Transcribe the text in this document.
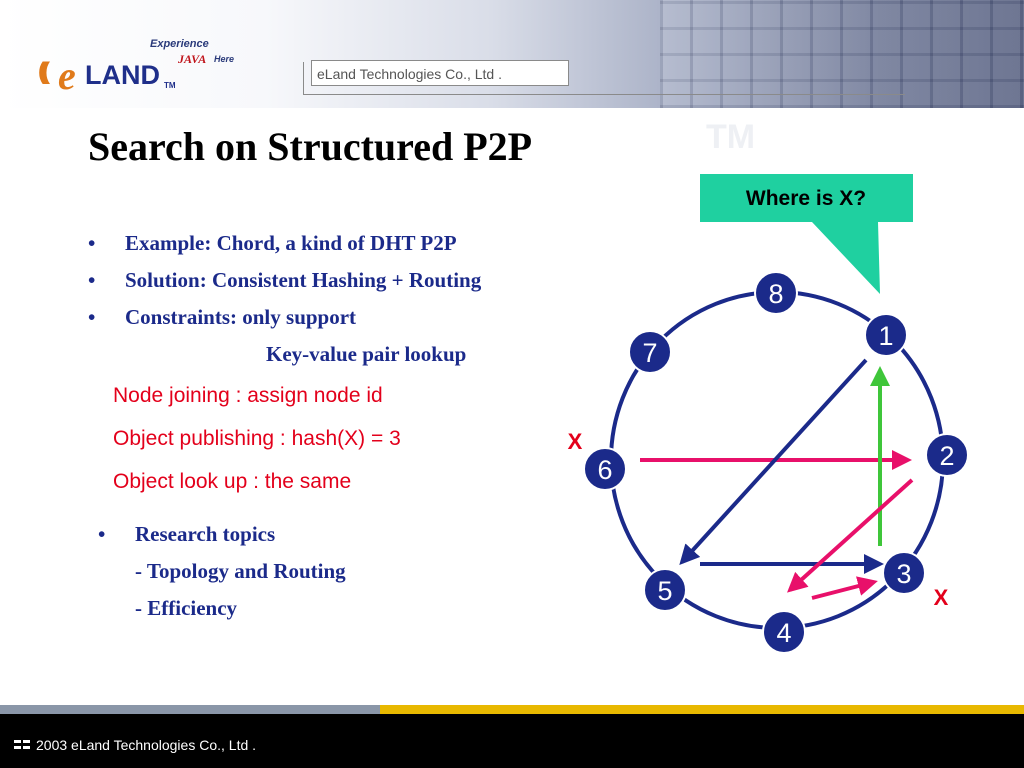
Experience
JAVA Here
((( e LAND TM
eLand Technologies Co., Ltd .
TM
Search on Structured P2P
• Example: Chord, a kind of DHT P2P
• Solution: Consistent Hashing + Routing
• Constraints: only support
Key-value pair lookup
Node joining : assign node id
Object publishing : hash(X) = 3
Object look up : the same
• Research topics
- Topology and Routing
- Efficiency
Where is X?
8
1
2
3
4
5
6
7
X
X
2003 eLand Technologies Co., Ltd .
